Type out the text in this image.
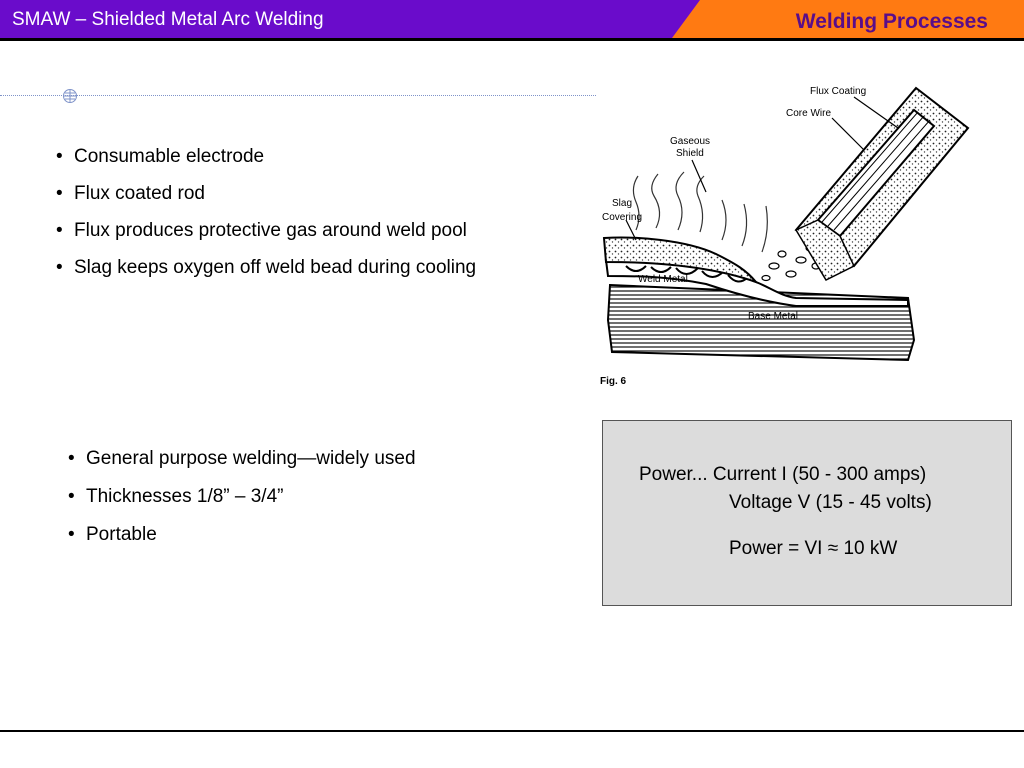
SMAW – Shielded Metal Arc Welding	Welding Processes
• Consumable electrode
• Flux coated rod
• Flux produces protective gas around weld pool
• Slag keeps oxygen off weld bead during cooling
• General purpose welding—widely used
• Thicknesses 1/8” – 3/4”
• Portable
Flux Coating
Core Wire
Gaseous
Shield
Slag
Covering
Weld Metal
Base Metal
Fig. 6
Power... Current I (50 - 300 amps)
Voltage V (15 - 45 volts)
Power = VI ≈ 10 kW
